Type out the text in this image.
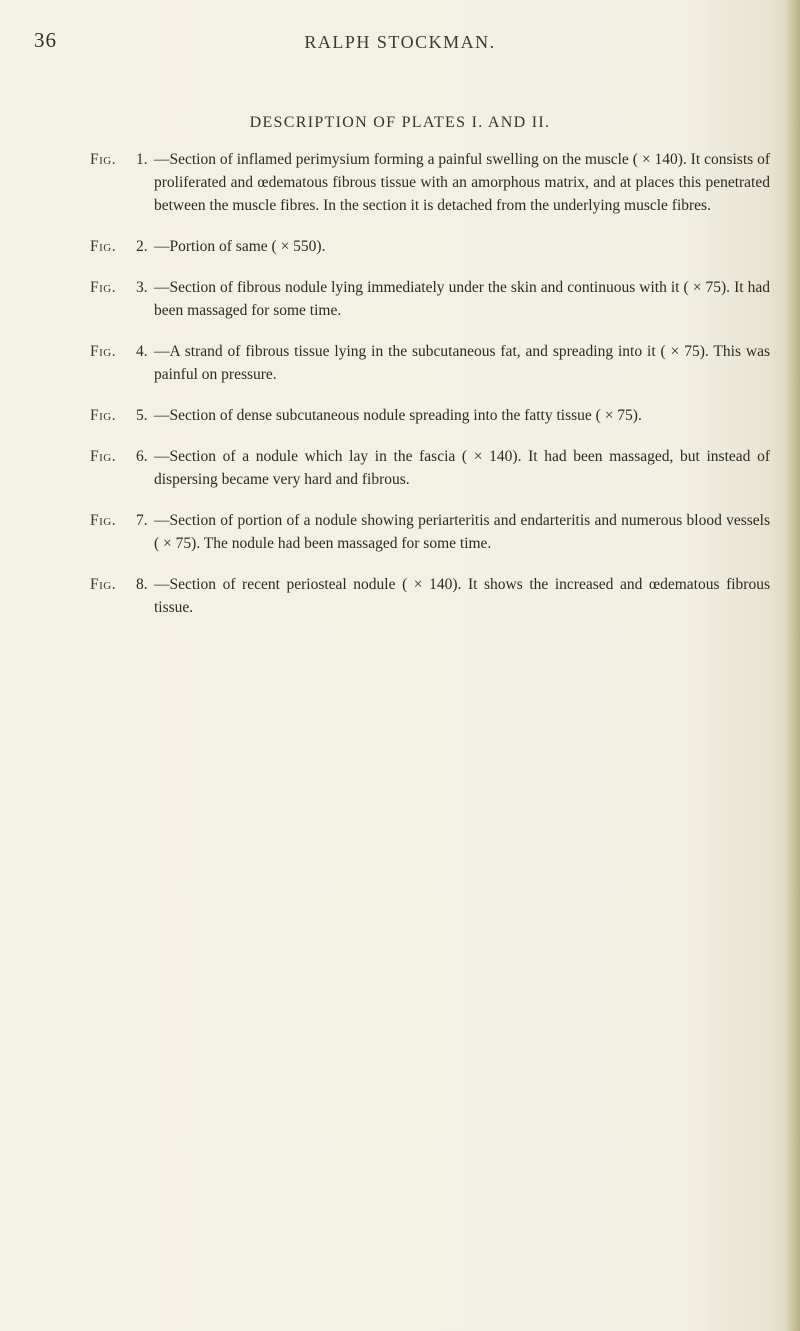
36	RALPH STOCKMAN.
DESCRIPTION OF PLATES I. AND II.
Fig.	1. —Section of inflamed perimysium forming a painful swelling on the muscle ( × 140). It consists of proliferated and œdematous fibrous tissue with an amorphous matrix, and at places this penetrated between the muscle fibres. In the section it is detached from the underlying muscle fibres.
Fig.	2. —Portion of same ( × 550).
Fig.	3. —Section of fibrous nodule lying immediately under the skin and continuous with it ( × 75). It had been massaged for some time.
Fig.	4. —A strand of fibrous tissue lying in the subcutaneous fat, and spreading into it ( × 75). This was painful on pressure.
Fig.	5. —Section of dense subcutaneous nodule spreading into the fatty tissue ( × 75).
Fig.	6. —Section of a nodule which lay in the fascia ( × 140). It had been massaged, but instead of dispersing became very hard and fibrous.
Fig.	7. —Section of portion of a nodule showing periarteritis and endarteritis and numerous blood vessels ( × 75). The nodule had been massaged for some time.
Fig.	8. —Section of recent periosteal nodule ( × 140). It shows the increased and œdematous fibrous tissue.
